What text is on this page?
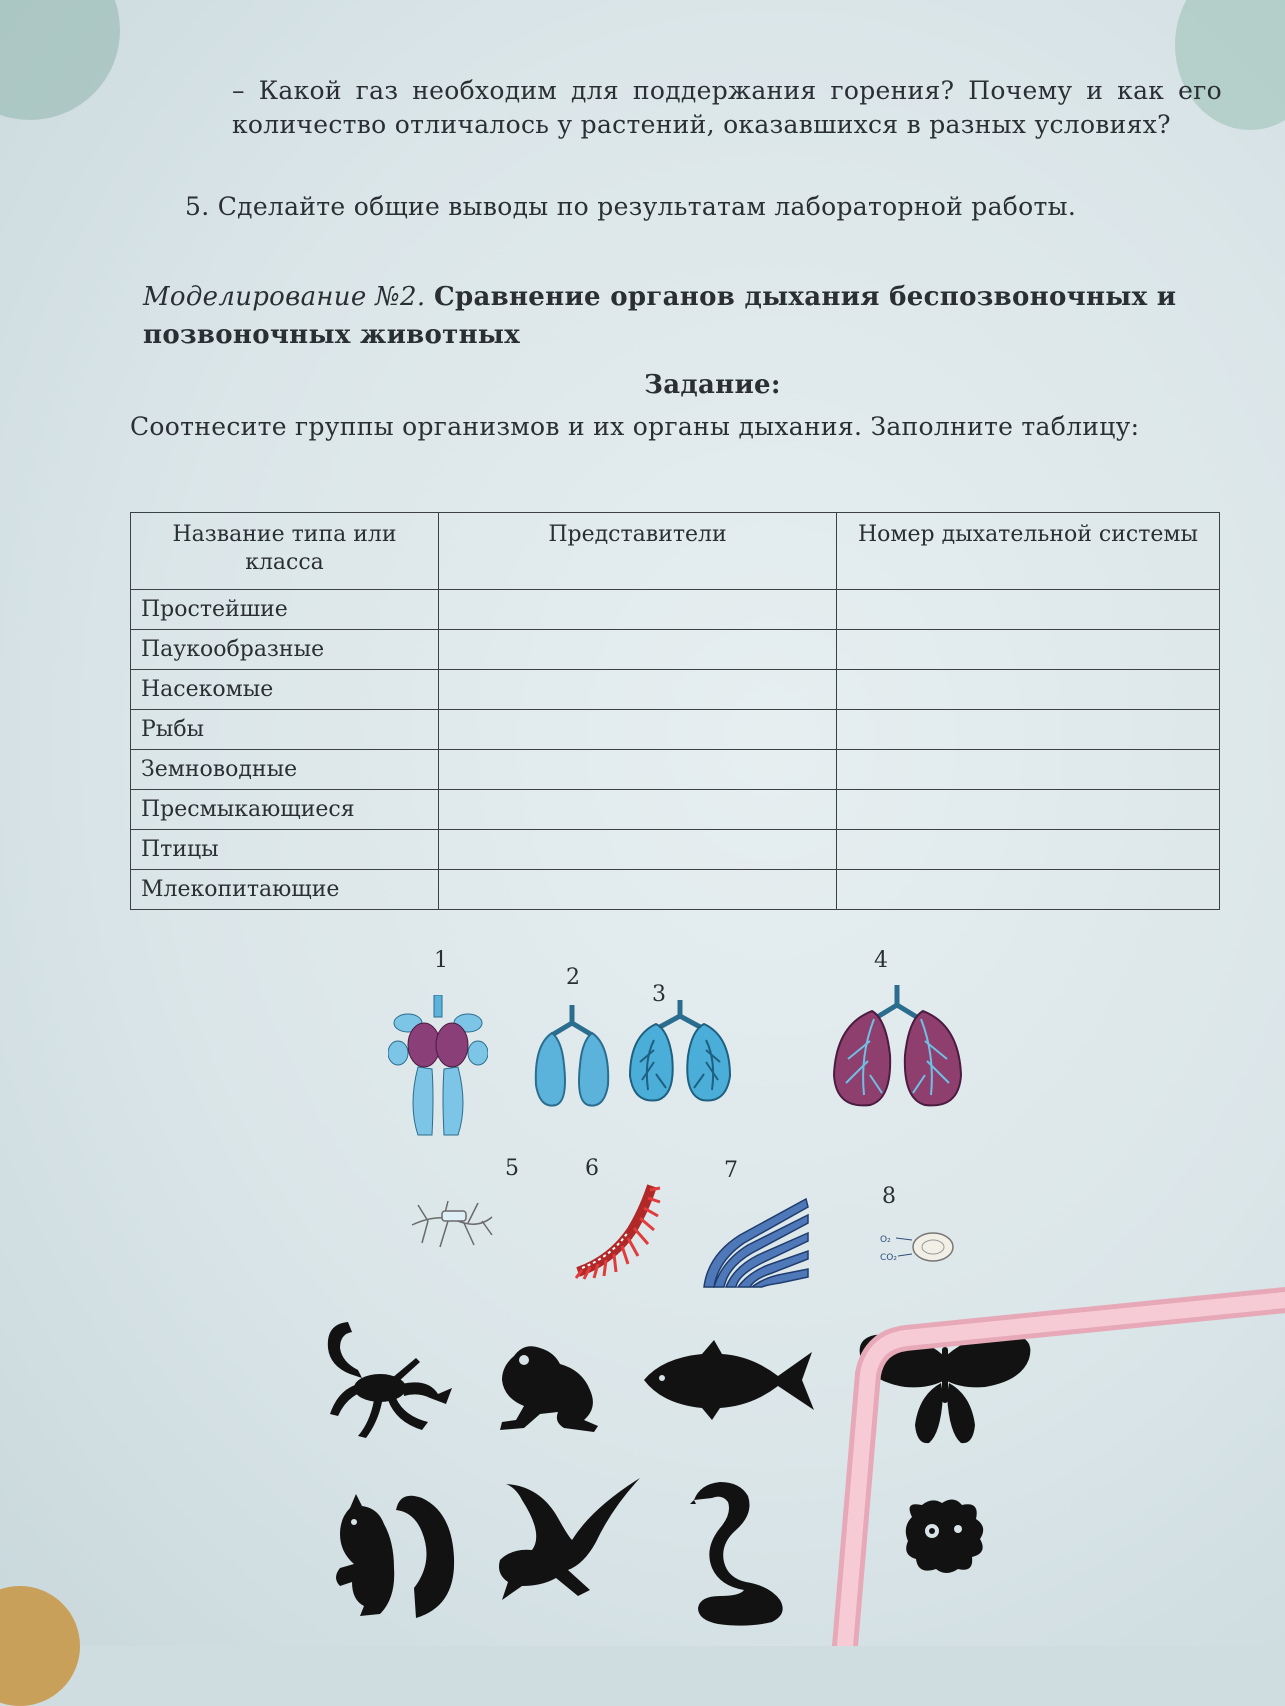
– Какой газ необходим для поддержания горения? Почему и как его количество отличалось у растений, оказавшихся в разных условиях?
5. Сделайте общие выводы по результатам лабораторной работы.
Моделирование №2. Сравнение органов дыхания беспозвоночных и позвоночных животных
Задание:
Соотнесите группы организмов и их органы дыхания. Заполните таблицу:
Название типа или класса	Представители	Номер дыхательной системы
Простейшие		
Паукообразные		
Насекомые		
Рыбы		
Земноводные		
Пресмыкающиеся		
Птицы		
Млекопитающие		
1
2
3
4
5	6	7
8
O₂
CO₂
